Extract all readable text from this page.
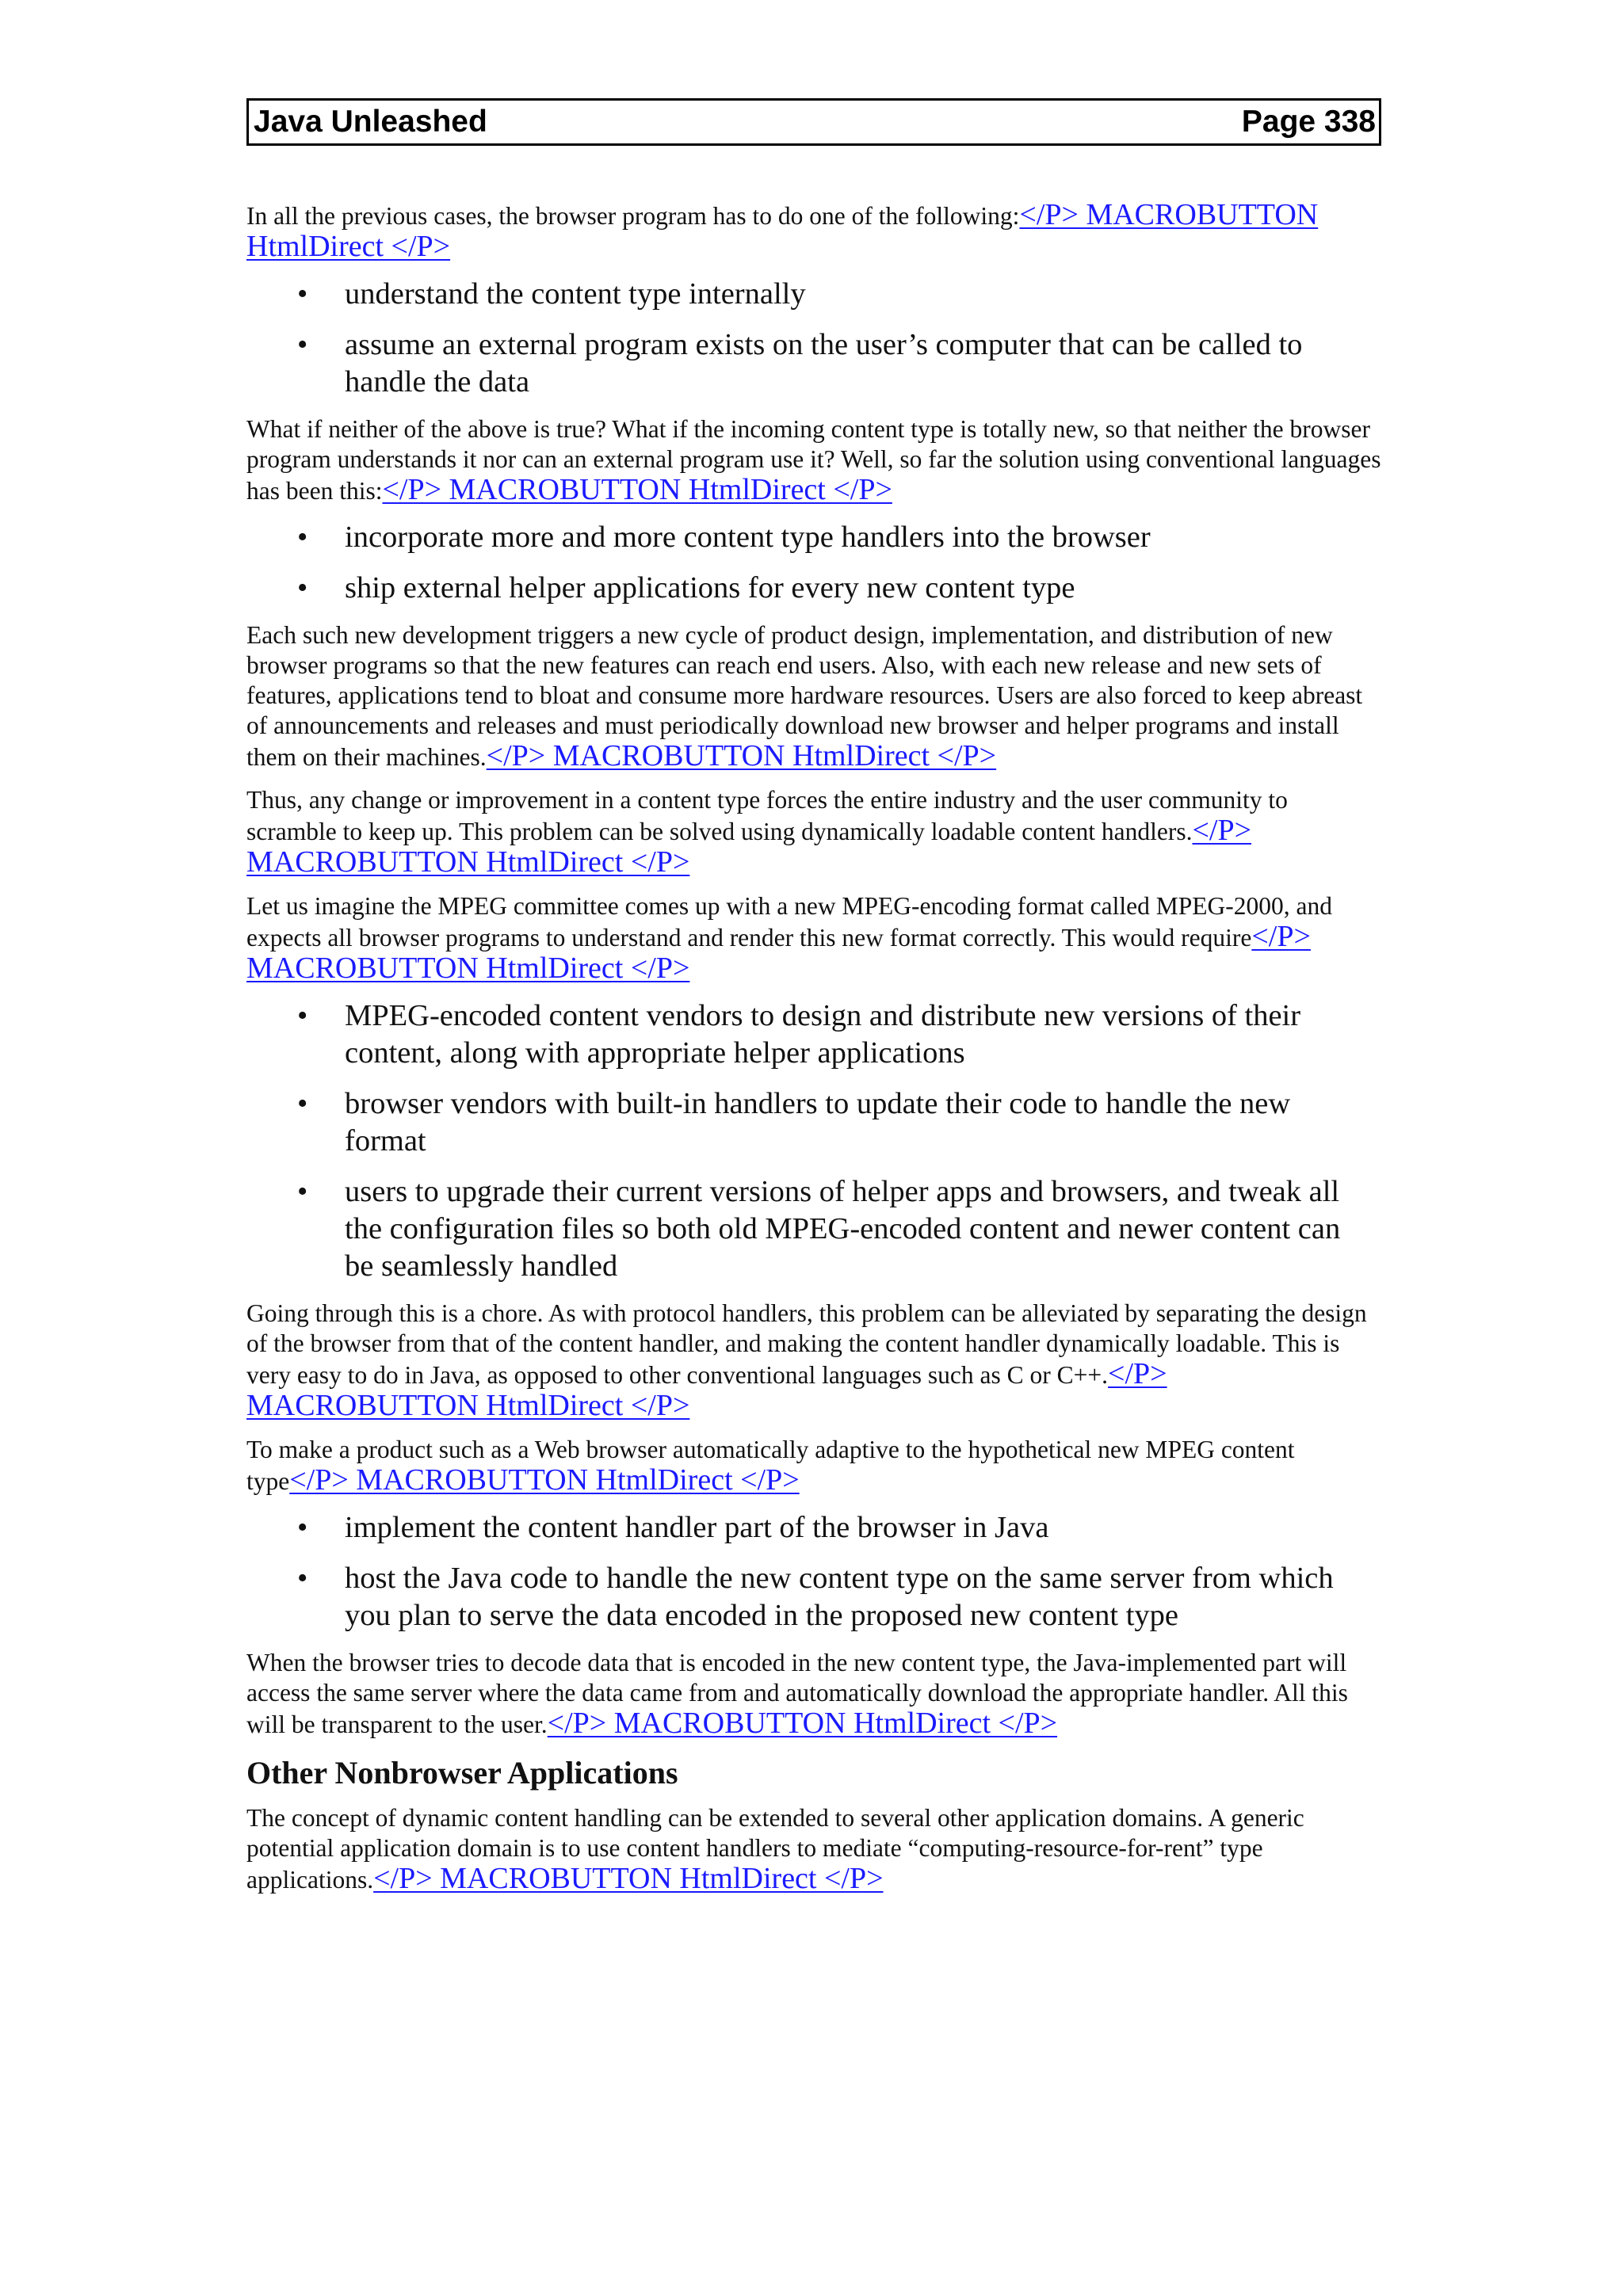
Java Unleashed	Page 338

In all the previous cases, the browser program has to do one of the following:</P> MACROBUTTON HtmlDirect </P>

• understand the content type internally
• assume an external program exists on the user’s computer that can be called to handle the data

What if neither of the above is true? What if the incoming content type is totally new, so that neither the browser program understands it nor can an external program use it? Well, so far the solution using conventional languages has been this:</P> MACROBUTTON HtmlDirect </P>

• incorporate more and more content type handlers into the browser
• ship external helper applications for every new content type

Each such new development triggers a new cycle of product design, implementation, and distribution of new browser programs so that the new features can reach end users. Also, with each new release and new sets of features, applications tend to bloat and consume more hardware resources. Users are also forced to keep abreast of announcements and releases and must periodically download new browser and helper programs and install them on their machines.</P> MACROBUTTON HtmlDirect </P>

Thus, any change or improvement in a content type forces the entire industry and the user community to scramble to keep up. This problem can be solved using dynamically loadable content handlers.</P> MACROBUTTON HtmlDirect </P>

Let us imagine the MPEG committee comes up with a new MPEG-encoding format called MPEG-2000, and expects all browser programs to understand and render this new format correctly. This would require</P> MACROBUTTON HtmlDirect </P>

• MPEG-encoded content vendors to design and distribute new versions of their content, along with appropriate helper applications
• browser vendors with built-in handlers to update their code to handle the new format
• users to upgrade their current versions of helper apps and browsers, and tweak all the configuration files so both old MPEG-encoded content and newer content can be seamlessly handled

Going through this is a chore. As with protocol handlers, this problem can be alleviated by separating the design of the browser from that of the content handler, and making the content handler dynamically loadable. This is very easy to do in Java, as opposed to other conventional languages such as C or C++.</P> MACROBUTTON HtmlDirect </P>

To make a product such as a Web browser automatically adaptive to the hypothetical new MPEG content type</P> MACROBUTTON HtmlDirect </P>

• implement the content handler part of the browser in Java
• host the Java code to handle the new content type on the same server from which you plan to serve the data encoded in the proposed new content type

When the browser tries to decode data that is encoded in the new content type, the Java-implemented part will access the same server where the data came from and automatically download the appropriate handler. All this will be transparent to the user.</P> MACROBUTTON HtmlDirect </P>

Other Nonbrowser Applications

The concept of dynamic content handling can be extended to several other application domains. A generic potential application domain is to use content handlers to mediate “computing-resource-for-rent” type applications.</P> MACROBUTTON HtmlDirect </P>
